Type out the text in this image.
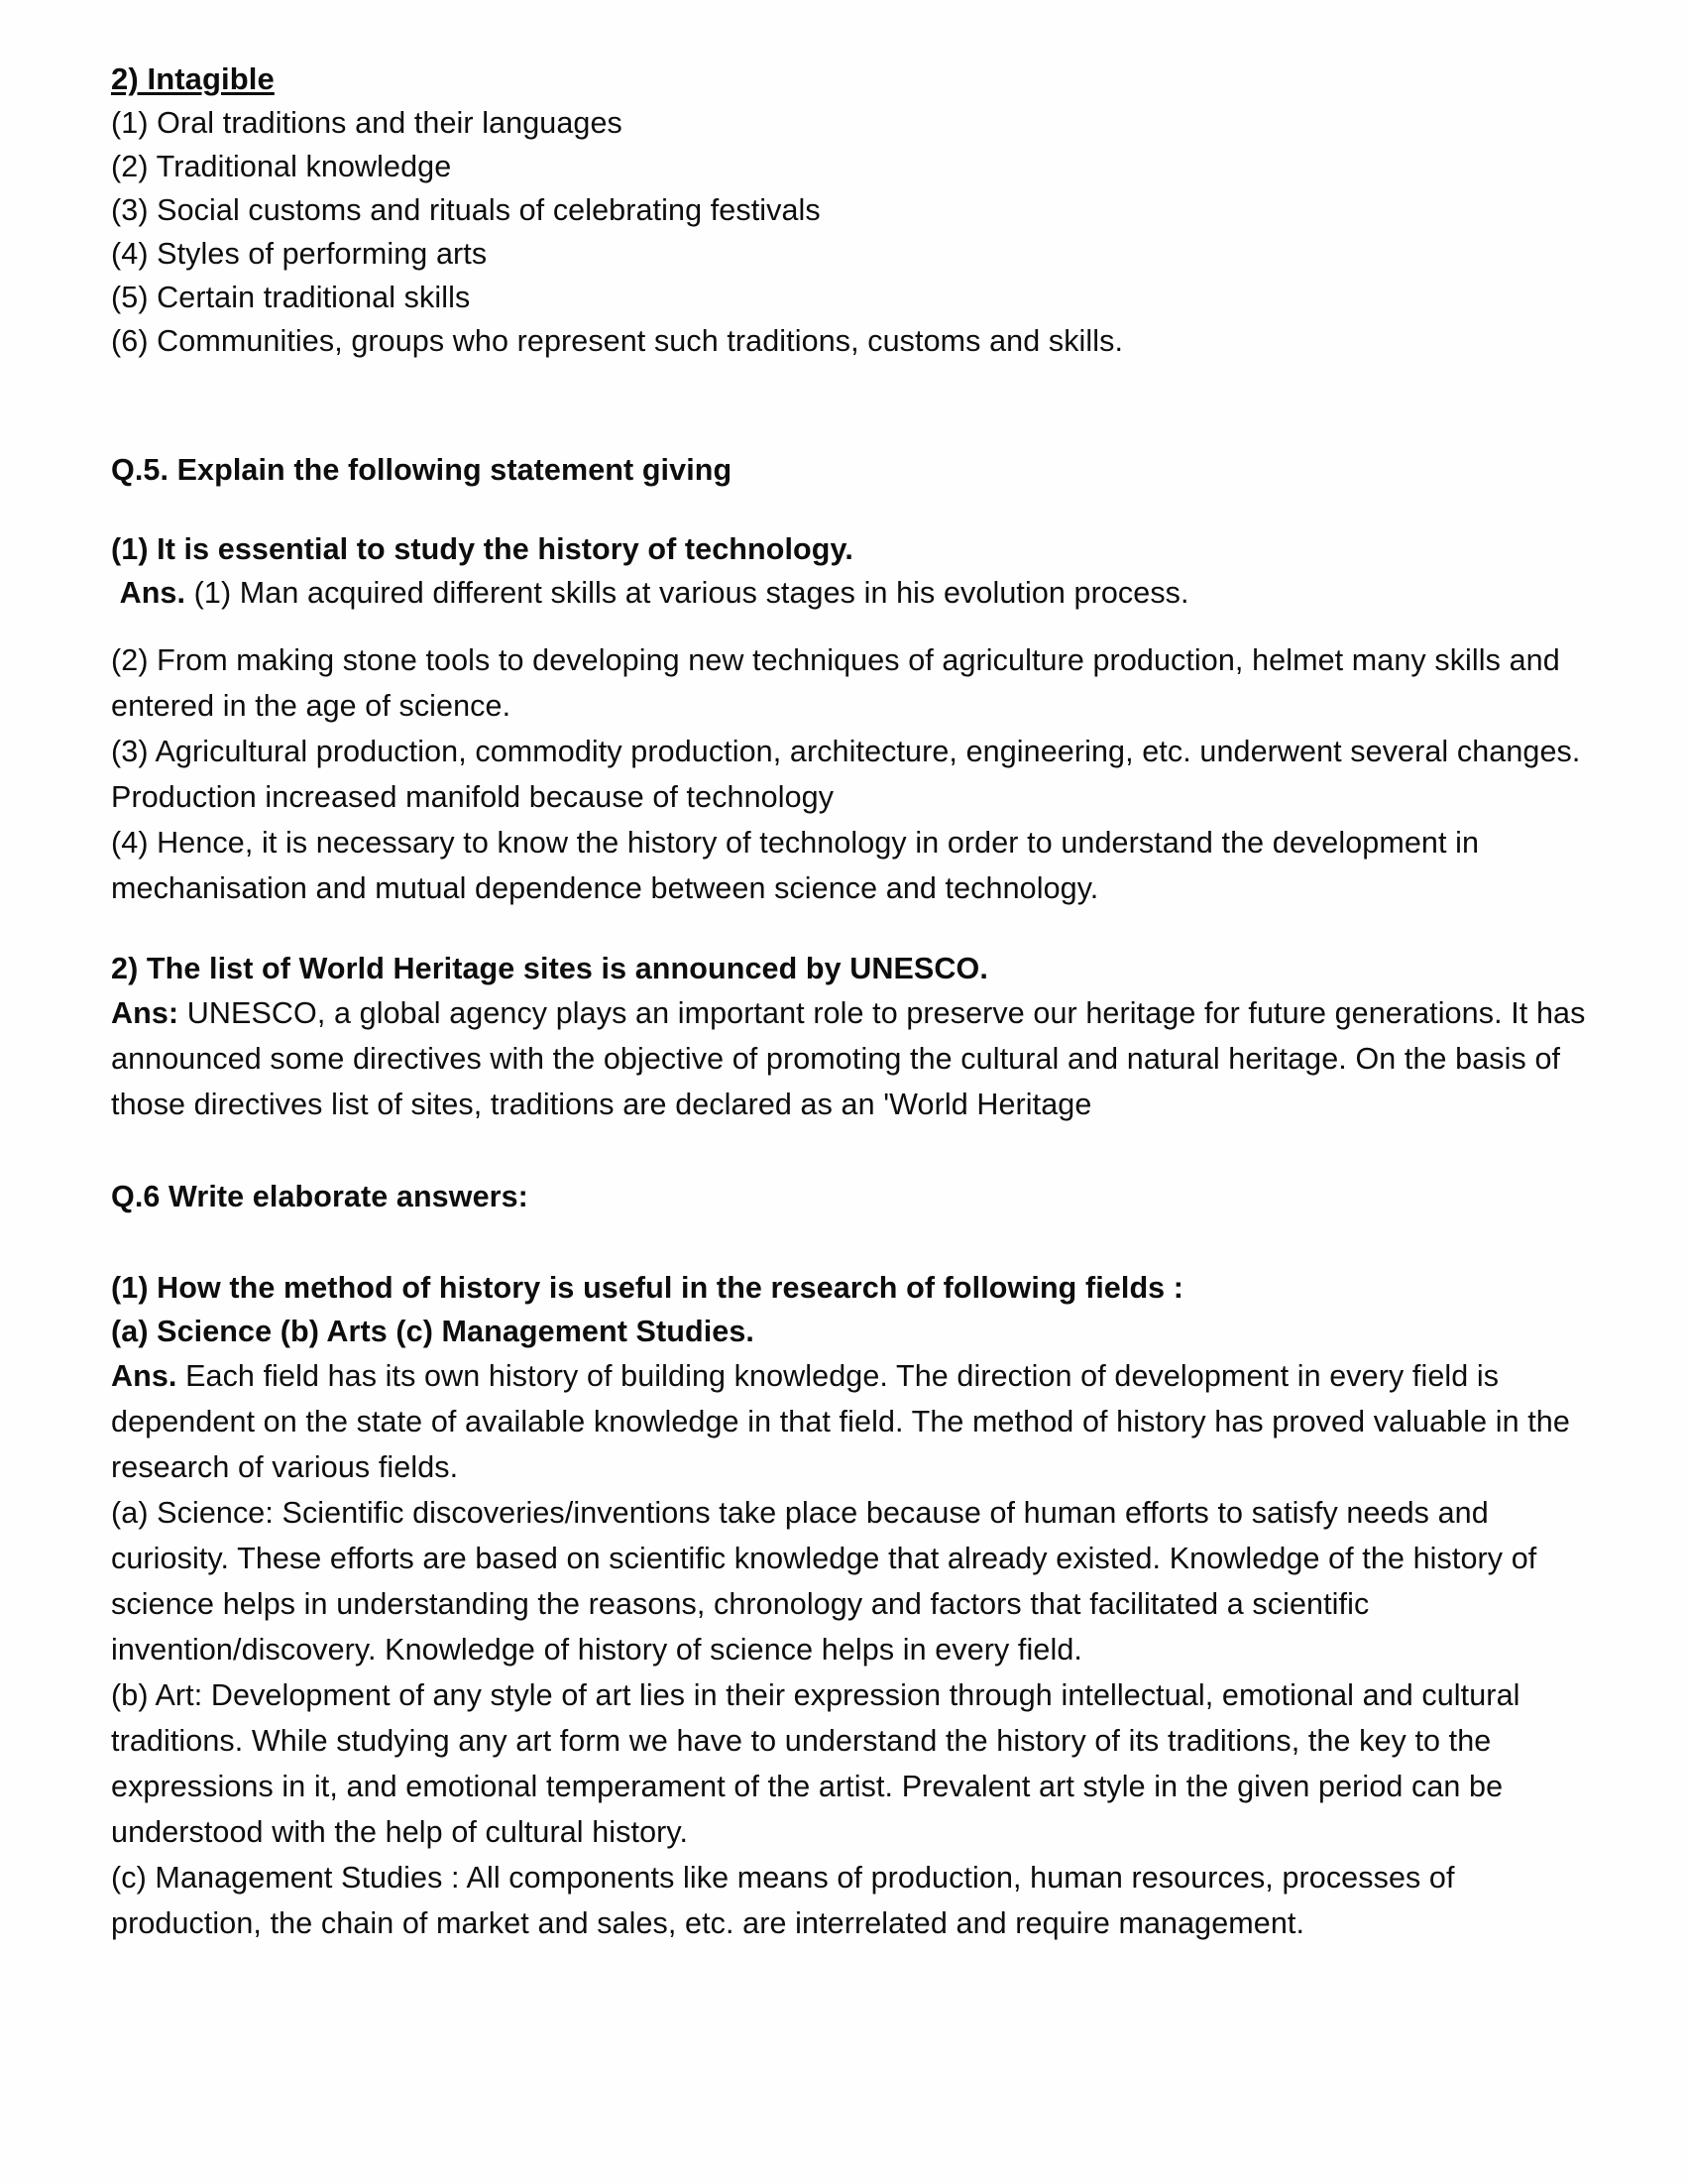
2) Intagible
(1) Oral traditions and their languages
(2) Traditional knowledge
(3) Social customs and rituals of celebrating festivals
(4) Styles of performing arts
(5) Certain traditional skills
(6) Communities, groups who represent such traditions, customs and skills.
Q.5. Explain the following statement giving
(1) It is essential to study the history of technology.
Ans. (1) Man acquired different skills at various stages in his evolution process.
(2) From making stone tools to developing new techniques of agriculture production, helmet many skills and entered in the age of science.
(3) Agricultural production, commodity production, architecture, engineering, etc. underwent several changes. Production increased manifold because of technology
(4) Hence, it is necessary to know the history of technology in order to understand the development in mechanisation and mutual dependence between science and technology.
2) The list of World Heritage sites is announced by UNESCO.
Ans: UNESCO, a global agency plays an important role to preserve our heritage for future generations. It has announced some directives with the objective of promoting the cultural and natural heritage. On the basis of those directives list of sites, traditions are declared as an 'World Heritage
Q.6 Write elaborate answers:
(1) How the method of history is useful in the research of following fields :
(a) Science (b) Arts (c) Management Studies.
Ans. Each field has its own history of building knowledge. The direction of development in every field is dependent on the state of available knowledge in that field. The method of history has proved valuable in the research of various fields.
(a) Science: Scientific discoveries/inventions take place because of human efforts to satisfy needs and curiosity. These efforts are based on scientific knowledge that already existed. Knowledge of the history of science helps in understanding the reasons, chronology and factors that facilitated a scientific invention/discovery. Knowledge of history of science helps in every field.
(b) Art: Development of any style of art lies in their expression through intellectual, emotional and cultural traditions. While studying any art form we have to understand the history of its traditions, the key to the expressions in it, and emotional temperament of the artist. Prevalent art style in the given period can be understood with the help of cultural history.
(c) Management Studies : All components like means of production, human resources, processes of production, the chain of market and sales, etc. are interrelated and require management.
